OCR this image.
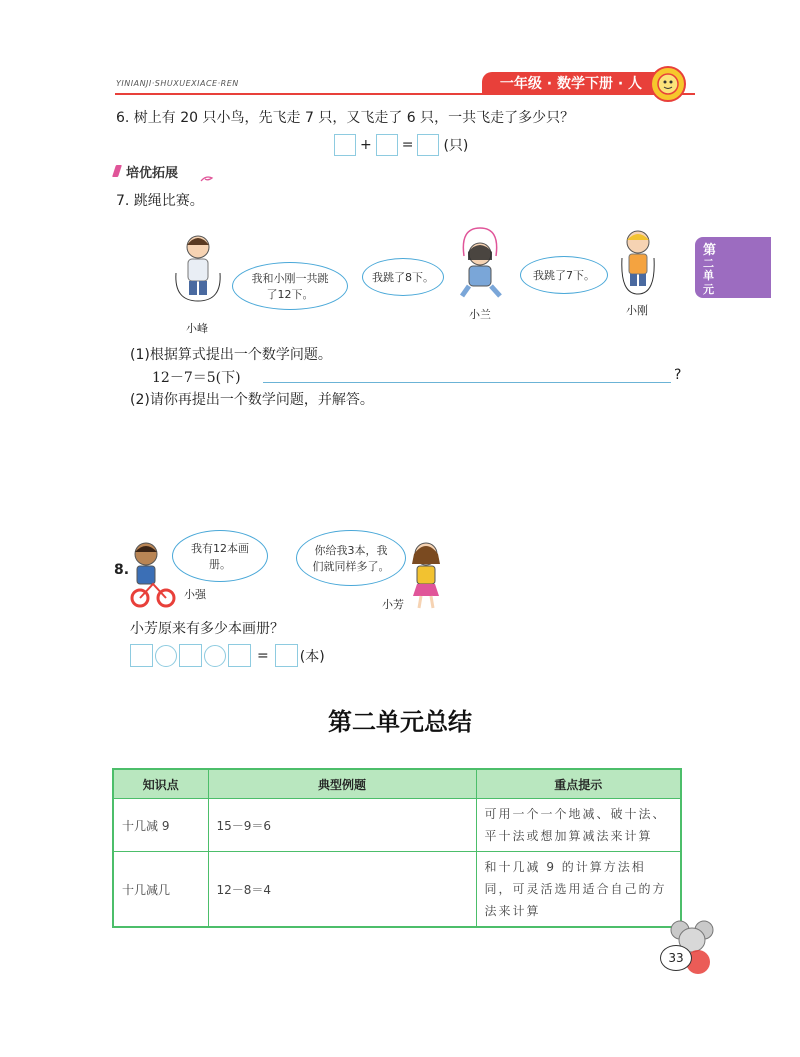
YINIANJI·SHUXUEXIACE·REN	一年级 · 数学下册 · 人
第
二
单
元
6. 树上有 20 只小鸟，先飞走 7 只，又飞走了 6 只，一共飞走了多少只？
+ = (只)
培优拓展
7. 跳绳比赛。
小峰
我和小刚一共跳了12下。
我跳了8下。
小兰
我跳了7下。
小刚
(1)根据算式提出一个数学问题。
12－7＝5(下)	?
(2)请你再提出一个数学问题，并解答。
8.
小强
我有12本画册。
你给我3本，我们就同样多了。
小芳
小芳原来有多少本画册？
= (本)
第二单元总结
知识点	典型例题	重点提示
十几减 9	15－9＝6	可用一个一个地减、破十法、平十法或想加算减法来计算
十几减几	12－8＝4	和十几减 9 的计算方法相同，可灵活选用适合自己的方法来计算
33
